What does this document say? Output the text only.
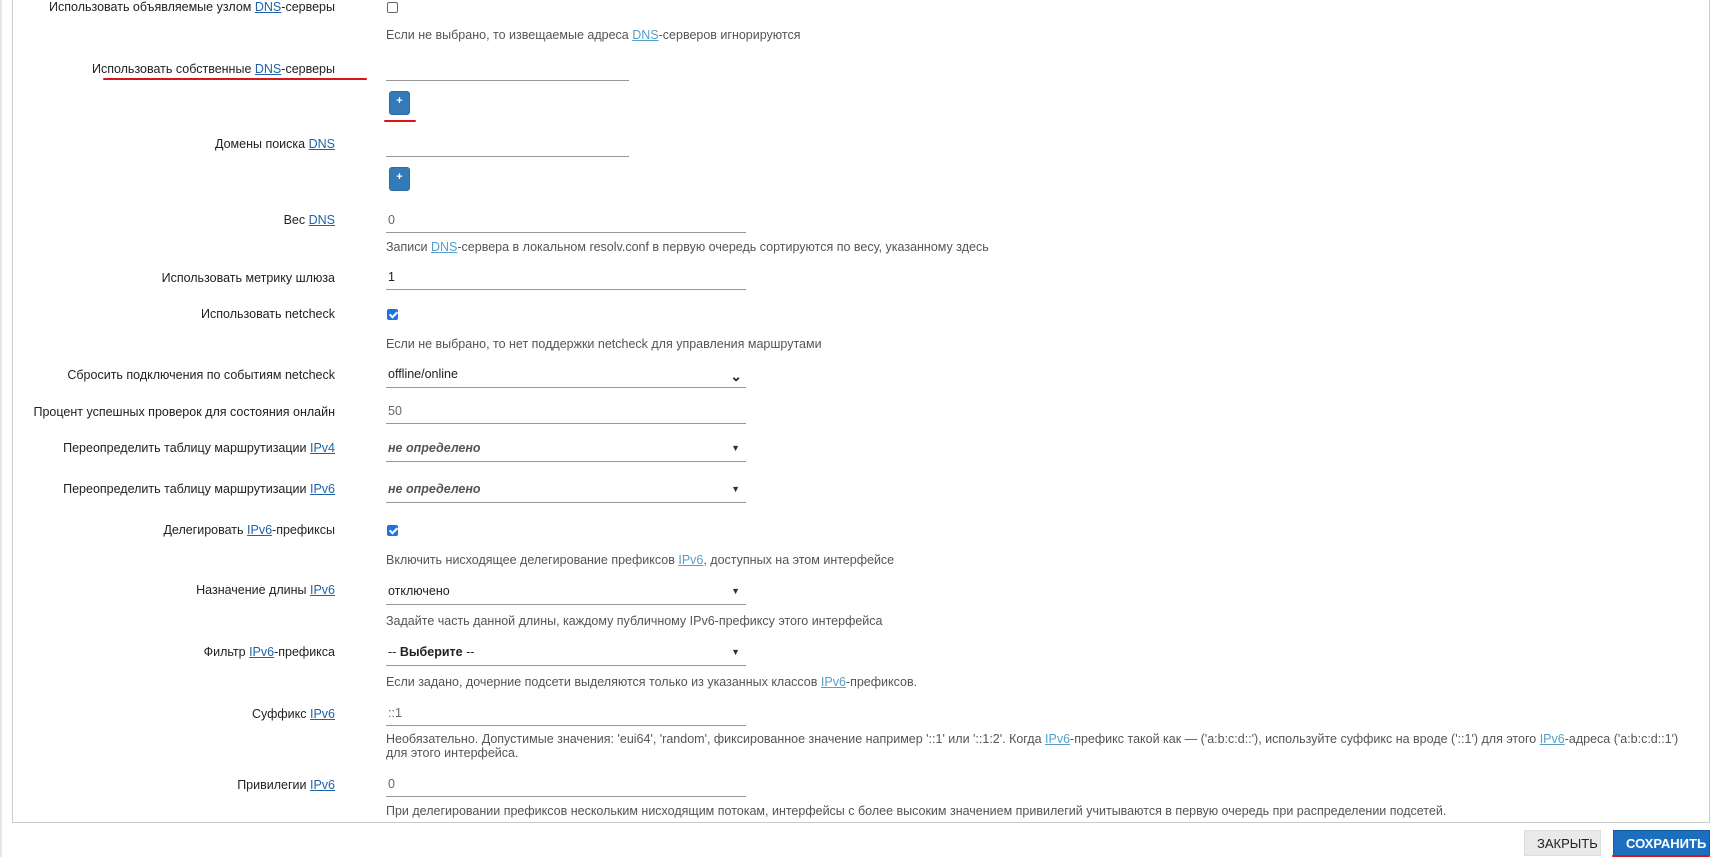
Использовать объявляемые узлом DNS-серверы
Если не выбрано, то извещаемые адреса DNS-серверов игнорируются
Использовать собственные DNS-серверы
+
Домены поиска DNS
+
Вес DNS	0
Записи DNS-сервера в локальном resolv.conf в первую очередь сортируются по весу, указанному здесь
Использовать метрику шлюза	1
Использовать netcheck
Если не выбрано, то нет поддержки netcheck для управления маршрутами
Сбросить подключения по событиям netcheck	offline/online	⌄
Процент успешных проверок для состояния онлайн	50
Переопределить таблицу маршрутизации IPv4	не определено	▼
Переопределить таблицу маршрутизации IPv6	не определено	▼
Делегировать IPv6-префиксы
Включить нисходящее делегирование префиксов IPv6, доступных на этом интерфейсе
Назначение длины IPv6	отключено	▼
Задайте часть данной длины, каждому публичному IPv6-префиксу этого интерфейса
Фильтр IPv6-префикса	-- Выберите --	▼
Если задано, дочерние подсети выделяются только из указанных классов IPv6-префиксов.
Суффикс IPv6	::1
Необязательно. Допустимые значения: 'eui64', 'random', фиксированное значение например '::1' или '::1:2'. Когда IPv6-префикс такой как — ('a:b:c:d::'), используйте суффикс на вроде ('::1') для этого IPv6-адреса ('a:b:c:d::1')
для этого интерфейса.
Привилегии IPv6	0
При делегировании префиксов нескольким нисходящим потокам, интерфейсы с более высоким значением привилегий учитываются в первую очередь при распределении подсетей.
ЗАКРЫТЬ	СОХРАНИТЬ
